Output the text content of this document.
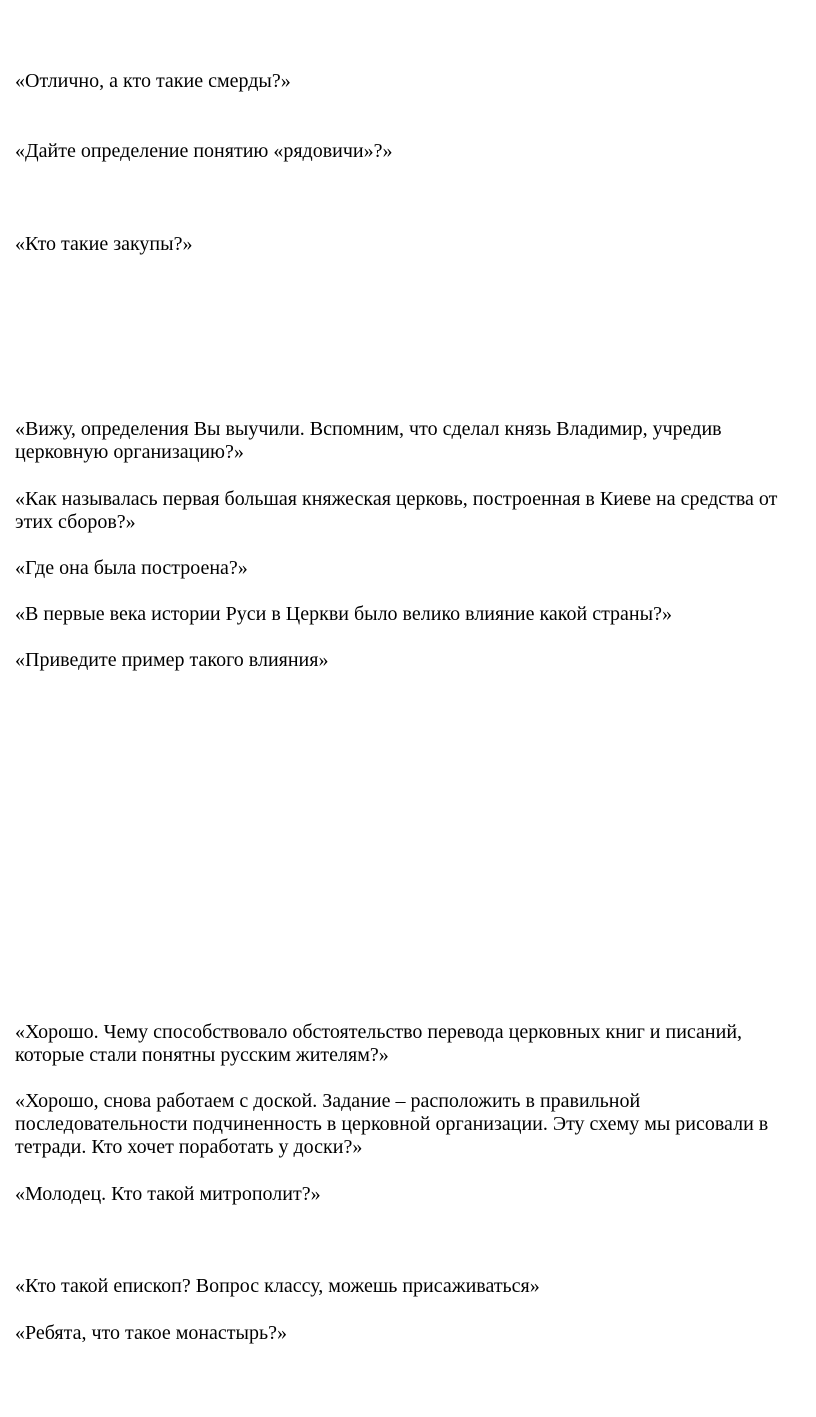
«Отлично, а кто такие смерды?»

«Дайте определение понятию «рядовичи»?»

«Кто такие закупы?»

«Вижу, определения Вы выучили. Вспомним, что сделал князь Владимир, учредив церковную организацию?»

«Как называлась первая большая княжеская церковь, построенная в Киеве на средства от этих сборов?»

«Где она была построена?»

«В первые века истории Руси в Церкви было велико влияние какой страны?»

«Приведите пример такого влияния»

«Хорошо. Чему способствовало обстоятельство перевода церковных книг и писаний, которые стали понятны русским жителям?»

«Хорошо, снова работаем с доской. Задание – расположить в правильной последовательности подчиненность в церковной организации. Эту схему мы рисовали в тетради. Кто хочет поработать у доски?»

«Молодец. Кто такой митрополит?»

«Кто такой епископ? Вопрос классу, можешь присаживаться»

«Ребята, что такое монастырь?»
